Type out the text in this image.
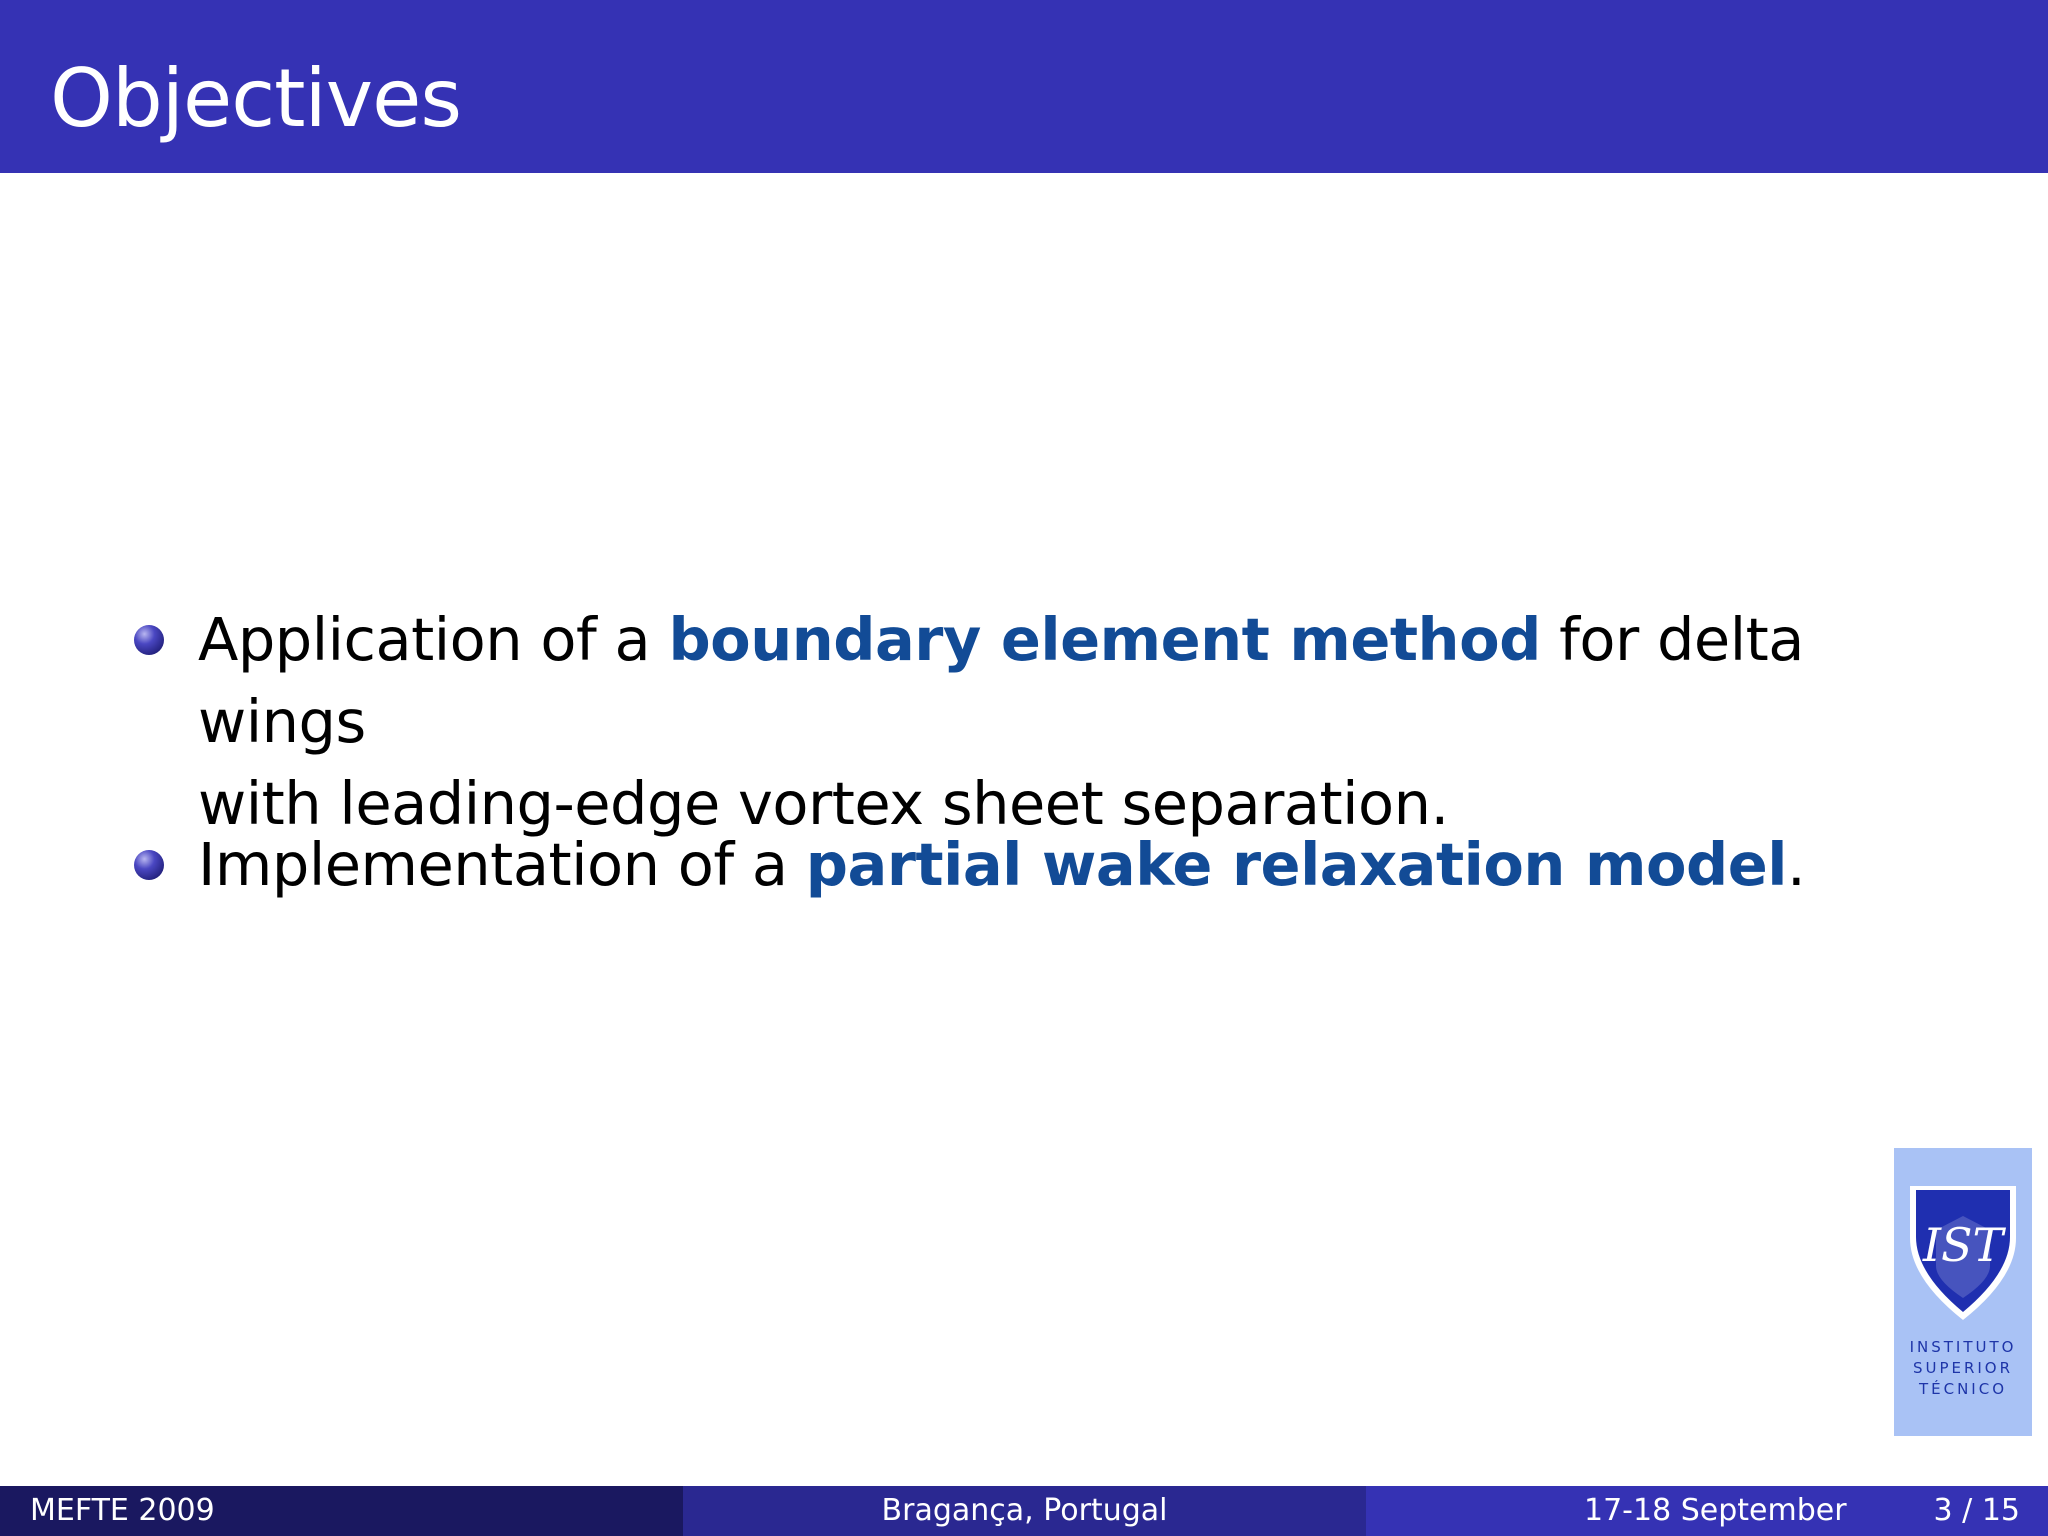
Objectives
Application of a boundary element method for delta wings
with leading-edge vortex sheet separation.
Implementation of a partial wake relaxation model.
IST
INSTITUTO
SUPERIOR
TÉCNICO
MEFTE 2009	Bragança, Portugal	17-18 September	3 / 15
